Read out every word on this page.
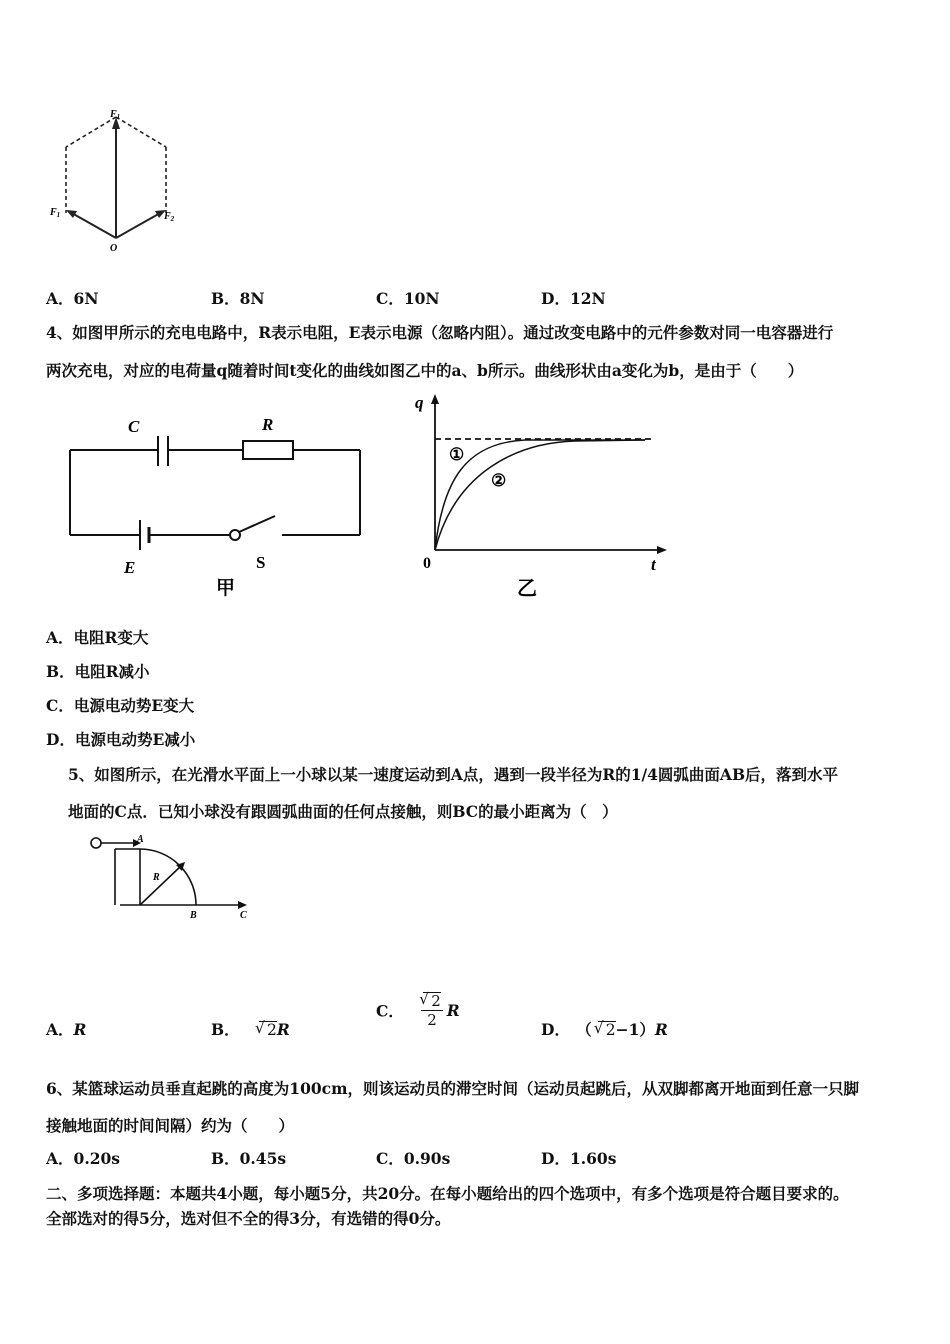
$F_1$
$F_1$	$F_2$
O
A．6N	B．8N	C．10N	D．12N
4、如图甲所示的充电电路中，R表示电阻，E表示电源（忽略内阻）。通过改变电路中的元件参数对同一电容器进行
两次充电，对应的电荷量q随着时间t变化的曲线如图乙中的a、b所示。曲线形状由a变化为b，是由于（　　）
C	R
E	S
甲
q
t
0
①
②
乙
A．电阻R变大
B．电阻R减小
C．电源电动势E变大
D．电源电动势E减小
5、如图所示，在光滑水平面上一小球以某一速度运动到A点，遇到一段半径为R的1/4圆弧曲面AB后，落到水平
地面的C点．已知小球没有跟圆弧曲面的任何点接触，则BC的最小距离为（　）
A
R
B	C
A．R	B． √ 2R
C． √ $\frac{2}{2}$ R
D． （ √ 2−1）R
6、某篮球运动员垂直起跳的高度为100cm，则该运动员的滞空时间（运动员起跳后，从双脚都离开地面到任意一只脚
接触地面的时间间隔）约为（　　）
A．0.20s	B．0.45s	C．0.90s	D．1.60s
二、多项选择题：本题共4小题，每小题5分，共20分。在每小题给出的四个选项中，有多个选项是符合题目要求的。
全部选对的得5分，选对但不全的得3分，有选错的得0分。
